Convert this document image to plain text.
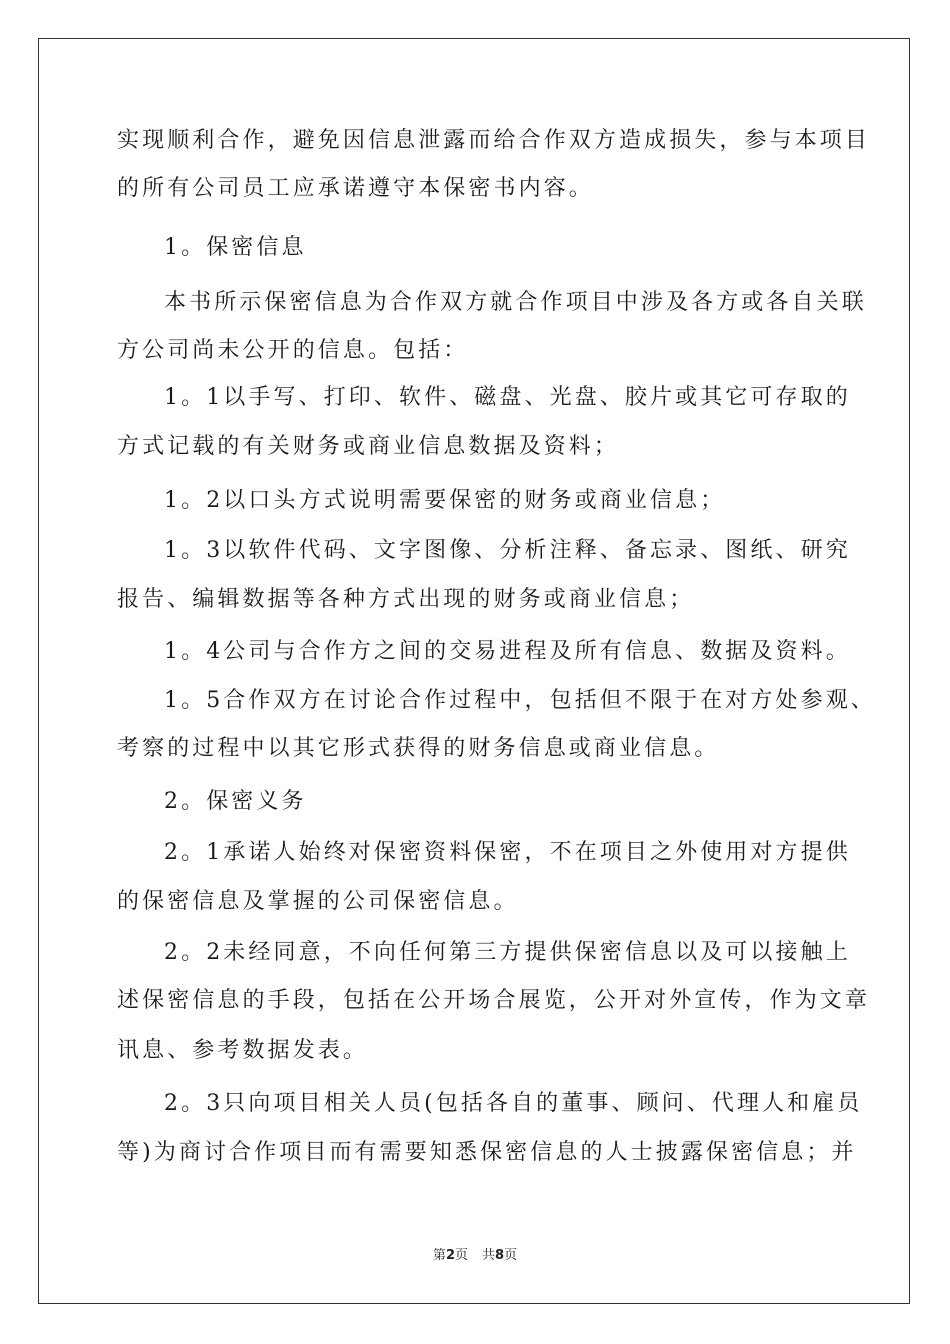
实现顺利合作，避免因信息泄露而给合作双方造成损失，参与本项目
的所有公司员工应承诺遵守本保密书内容。
1。保密信息
本书所示保密信息为合作双方就合作项目中涉及各方或各自关联
方公司尚未公开的信息。包括：
1。1以手写、打印、软件、磁盘、光盘、胶片或其它可存取的
方式记载的有关财务或商业信息数据及资料；
1。2以口头方式说明需要保密的财务或商业信息；
1。3以软件代码、文字图像、分析注释、备忘录、图纸、研究
报告、编辑数据等各种方式出现的财务或商业信息；
1。4公司与合作方之间的交易进程及所有信息、数据及资料。
1。5合作双方在讨论合作过程中，包括但不限于在对方处参观、
考察的过程中以其它形式获得的财务信息或商业信息。
2。保密义务
2。1承诺人始终对保密资料保密，不在项目之外使用对方提供
的保密信息及掌握的公司保密信息。
2。2未经同意，不向任何第三方提供保密信息以及可以接触上
述保密信息的手段，包括在公开场合展览，公开对外宣传，作为文章
讯息、参考数据发表。
2。3只向项目相关人员(包括各自的董事、顾问、代理人和雇员
等)为商讨合作项目而有需要知悉保密信息的人士披露保密信息；并
第2页 共8页
